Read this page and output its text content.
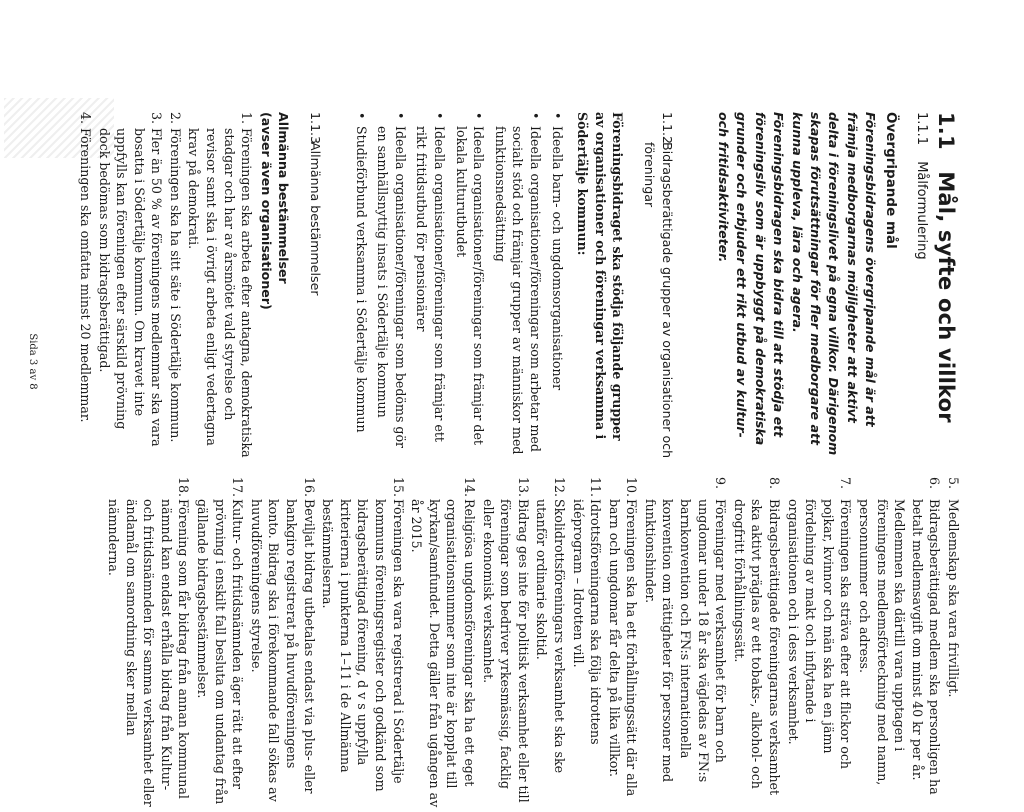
1.1 Mål, syfte och villkor
1.1.1 Målformulering
Övergripande mål
Föreningsbidragens övergripande mål är att främja medborgarnas möjligheter att aktivt delta i föreningslivet på egna villkor. Därigenom skapas förutsättningar för fler medborgare att kunna uppleva, lära och agera. Föreningsbidragen ska bidra till att stödja ett föreningsliv som är uppbyggt på demokratiska grunder och erbjuder ett rikt utbud av kultur- och fritidsaktiviteter.
1.1.2
Bidragsberättigade grupper av organisationer och föreningar
Föreningsbidraget ska stödja följande grupper av organisationer och föreningar verksamma i Södertälje kommun:
• Ideella barn- och ungdomsorganisationer
• Ideella organisationer/föreningar som arbetar med socialt stöd och främjar grupper av människor med funktionsnedsättning
• Ideella organisationer/föreningar som främjar det lokala kulturutbudet
• Ideella organisationer/föreningar som främjar ett rikt fritidsutbud för pensionärer
• Ideella organisationer/föreningar som bedöms gör en samhällsnyttig insats i Södertälje kommun
• Studieförbund verksamma i Södertälje kommun
1.1.3
Allmänna bestämmelser

Allmänna bestämmelser

(avser även organisationer)

1.
Föreningen ska arbeta efter antagna, demokratiska stadgar och har av årsmötet vald styrelse och revisor samt ska i övrigt arbeta enligt vedertagna krav på demokrati.
2.
Föreningen ska ha sitt säte i Södertälje kommun.
3.
Fler än 50 % av föreningens medlemmar ska vara bosatta i Södertälje kommun. Om kravet inte uppfylls kan föreningen efter särskild prövning dock bedömas som bidragsberättigad.
4.
Föreningen ska omfatta minst 20 medlemmar.
5.
Medlemskap ska vara frivilligt.
6.
Bidragsberättigad medlem ska personligen ha betalt medlemsavgift om minst 40 kr per år. Medlemmen ska därtill vara upptagen i föreningens medlemsförteckning med namn, personnummer och adress.
7.
Föreningen ska sträva efter att flickor och pojkar, kvinnor och män ska ha en jämn fördelning av makt och inflytande i organisationen och i dess verksamhet.
8.
Bidragsberättigade föreningarnas verksamhet ska aktivt präglas av ett tobaks-, alkohol- och drogfritt förhållningssätt.
9.
Föreningar med verksamhet för barn och ungdomar under 18 år ska vägledas av FN:s barnkonvention och FN:s internationella konvention om rättigheter för personer med funktionshinder.
10.
Föreningen ska ha ett förhållningssätt där alla barn och ungdomar får delta på lika villkor.
11.
Idrottsföreningarna ska följa idrottens idéprogram – Idrotten vill.
12.
Skolidrottsföreningars verksamhet ska ske utanför ordinarie skoltid.
13.
Bidrag ges inte för politisk verksamhet eller till föreningar som bedriver yrkesmässig, facklig eller ekonomisk verksamhet.
14.
Religiösa ungdomsföreningar ska ha ett eget organisationsnummer som inte är kopplat till kyrkan/samfundet. Detta gäller från ugången av år 2015.
15.
Föreningen ska vara registrerad i Södertälje kommuns föreningsregister och godkänd som bidragsberättigad förening, d v s uppfylla kriterierna i punkterna 1–11 i de Allmänna bestämmelserna.
16.
Beviljat bidrag utbetalas endast via plus- eller bankgiro registrerat på huvudföreningens konto. Bidrag ska i förekommande fall sökas av huvudföreningens styrelse.
17.
Kultur- och fritidsnämnden äger rätt att efter prövning i enskilt fall besluta om undantag från gällande bidragsbestämmelser.
18.
Förening som får bidrag från annan kommunal nämnd kan endast erhålla bidrag från Kultur- och fritidsnämnden för samma verksamhet eller ändamål om samordning sker mellan nämnderna.
Sida 3 av 8
